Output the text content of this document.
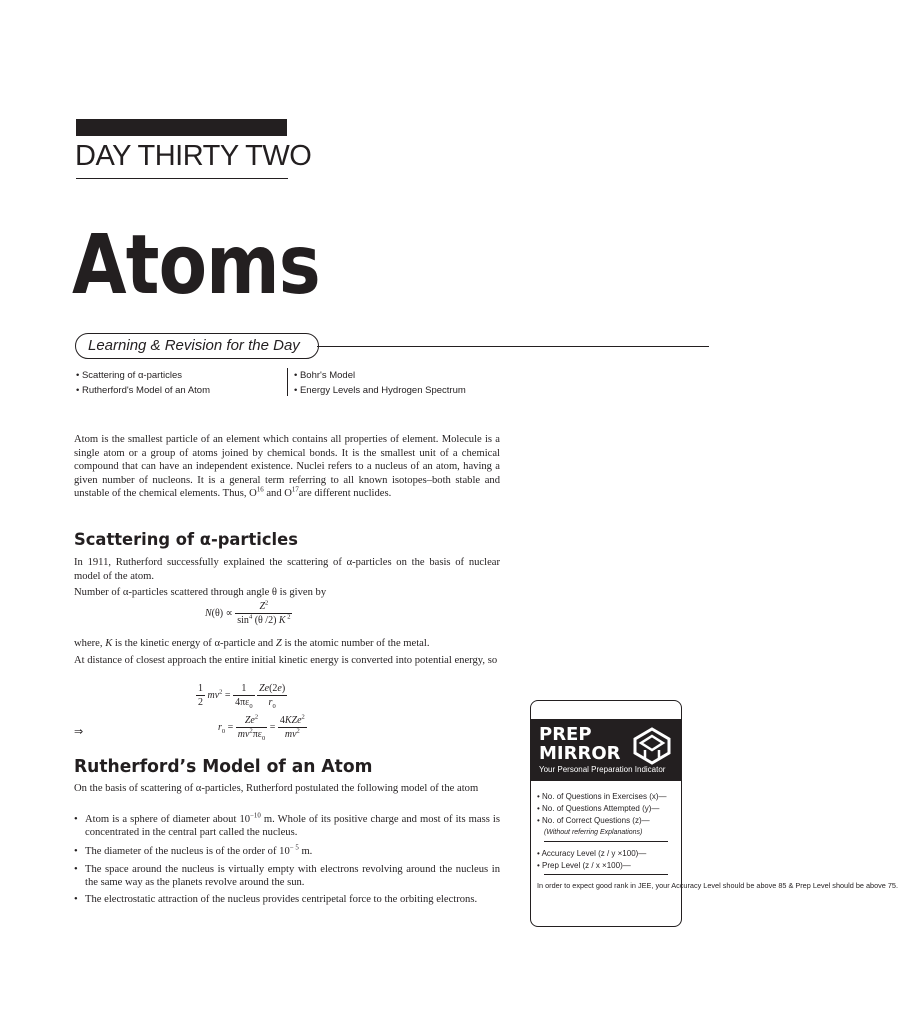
DAY THIRTY TWO
Atoms
Learning & Revision for the Day
• Scattering of α-particles
• Rutherford's Model of an Atom
• Bohr's Model
• Energy Levels and Hydrogen Spectrum
Atom is the smallest particle of an element which contains all properties of element. Molecule is a single atom or a group of atoms joined by chemical bonds. It is the smallest unit of a chemical compound that can have an independent existence. Nuclei refers to a nucleus of an atom, having a given number of nucleons. It is a general term referring to all known isotopes–both stable and unstable of the chemical elements. Thus, $O^{16}$ and $O^{17}are$ different nuclides.
Scattering of α-particles
In 1911, Rutherford successfully explained the scattering of α-particles on the basis of nuclear model of the atom.
Number of α-particles scattered through angle θ is given by
$N(\theta) \propto \frac{Z^2}{\sin^4 (\theta /2) K ^2}$
where, K is the kinetic energy of α-particle and Z is the atomic number of the metal.
At distance of closest approach the entire initial kinetic energy is converted into potential energy, so
$\frac{1}{2} mv^2 = \frac{1}{4\pi\varepsilon_0}$
$\frac{Ze(2e)}{r_0}$
⇒	$r_0 = \frac{Ze^2}{mv^2\pi\varepsilon_0} = \frac{4KZe^2}{mv^2}$
Rutherford’s Model of an Atom
On the basis of scattering of α-particles, Rutherford postulated the following model of the atom
• Atom is a sphere of diameter about $10^{-10}$ m. Whole of its positive charge and most of its mass is concentrated in the central part called the nucleus.
• The diameter of the nucleus is of the order of $10^{- 5}$ m.
• The space around the nucleus is virtually empty with electrons revolving around the nucleus in the same way as the planets revolve around the sun.
• The electrostatic attraction of the nucleus provides centripetal force to the orbiting electrons.
PREP
MIRROR
Your Personal Preparation Indicator
• No. of Questions in Exercises (x)—
• No. of Questions Attempted (y)—
• No. of Correct Questions (z)—
(Without referring Explanations)
• Accuracy Level (z / y ×100)—
• Prep Level (z / x ×100)—
In order to expect good rank in JEE, your Accuracy Level should be above 85 & Prep Level should be above 75.
